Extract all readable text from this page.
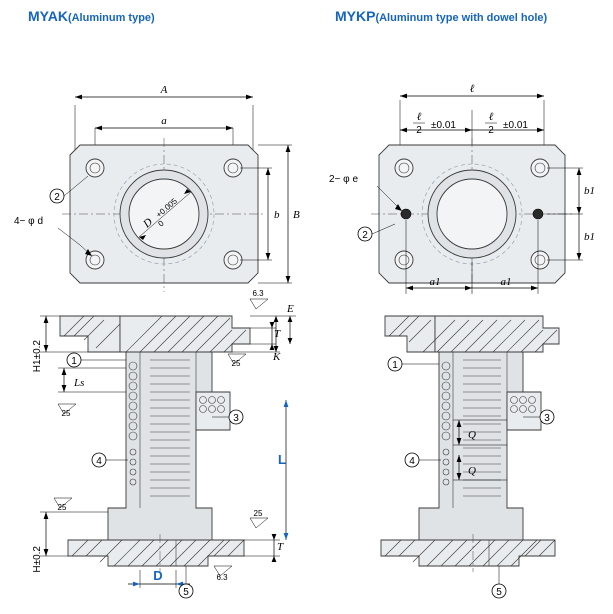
MYAK(Aluminum type)
A
a
D
+0.005
0
2
4− φ d
b B
H1±0.2
Ls
H±0.2
T
K
E
L
T
D
6.3
25
25
25
25
6.3
1
3
4
5
MYKP(Aluminum type with dowel hole)
ℓ
ℓ
2 ±0.01
ℓ
2 ±0.01
2− φ e
2
b1
b1
a1	a1
Q
Q
1
3
4
5
